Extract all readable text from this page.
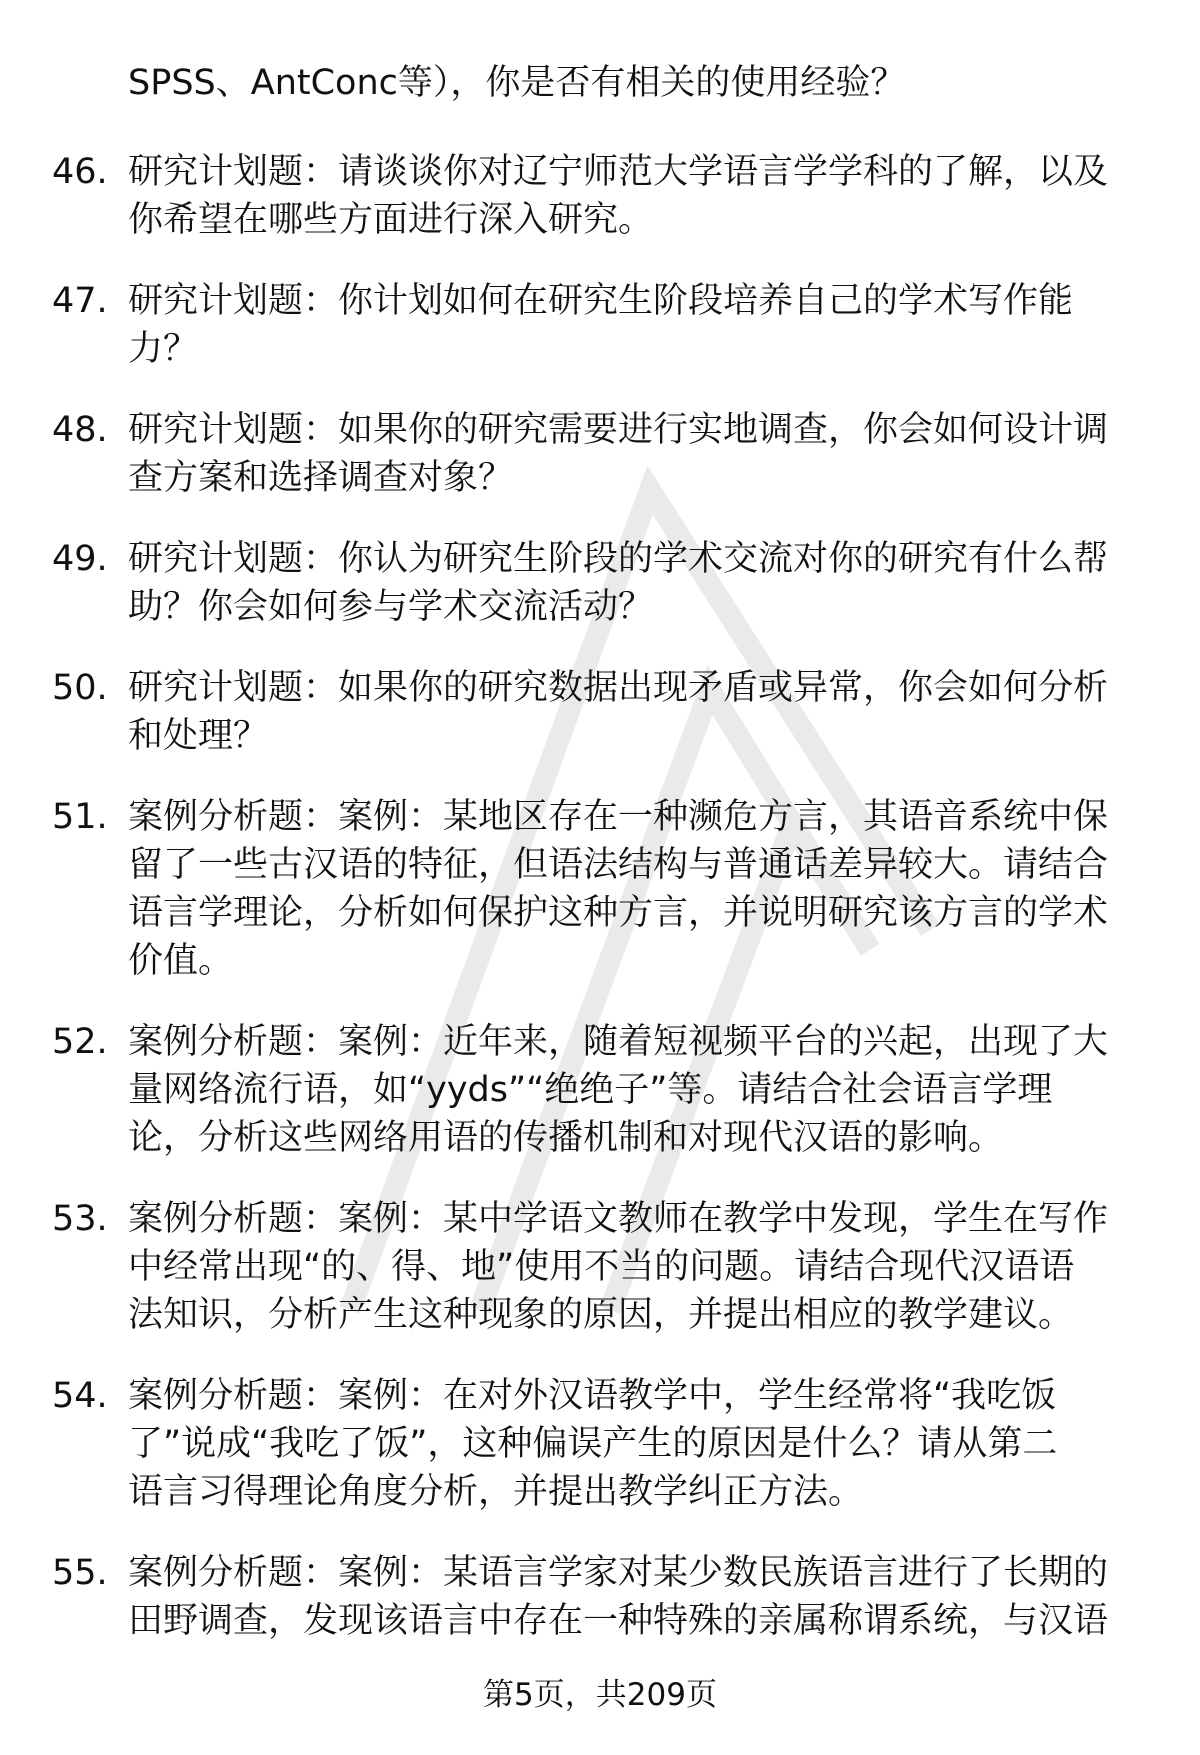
SPSS、AntConc等），你是否有相关的使用经验？
46. 研究计划题：请谈谈你对辽宁师范大学语言学学科的了解，以及
你希望在哪些方面进行深入研究。
47. 研究计划题：你计划如何在研究生阶段培养自己的学术写作能
力？
48. 研究计划题：如果你的研究需要进行实地调查，你会如何设计调
查方案和选择调查对象？
49. 研究计划题：你认为研究生阶段的学术交流对你的研究有什么帮
助？你会如何参与学术交流活动？
50. 研究计划题：如果你的研究数据出现矛盾或异常，你会如何分析
和处理？
51. 案例分析题：案例：某地区存在一种濒危方言，其语音系统中保
留了一些古汉语的特征，但语法结构与普通话差异较大。请结合
语言学理论，分析如何保护这种方言，并说明研究该方言的学术
价值。
52. 案例分析题：案例：近年来，随着短视频平台的兴起，出现了大
量网络流行语，如“yyds”“绝绝子”等。请结合社会语言学理
论，分析这些网络用语的传播机制和对现代汉语的影响。
53. 案例分析题：案例：某中学语文教师在教学中发现，学生在写作
中经常出现“的、得、地”使用不当的问题。请结合现代汉语语
法知识，分析产生这种现象的原因，并提出相应的教学建议。
54. 案例分析题：案例：在对外汉语教学中，学生经常将“我吃饭
了”说成“我吃了饭”，这种偏误产生的原因是什么？请从第二
语言习得理论角度分析，并提出教学纠正方法。
55. 案例分析题：案例：某语言学家对某少数民族语言进行了长期的
田野调查，发现该语言中存在一种特殊的亲属称谓系统，与汉语
第5页，共209页
